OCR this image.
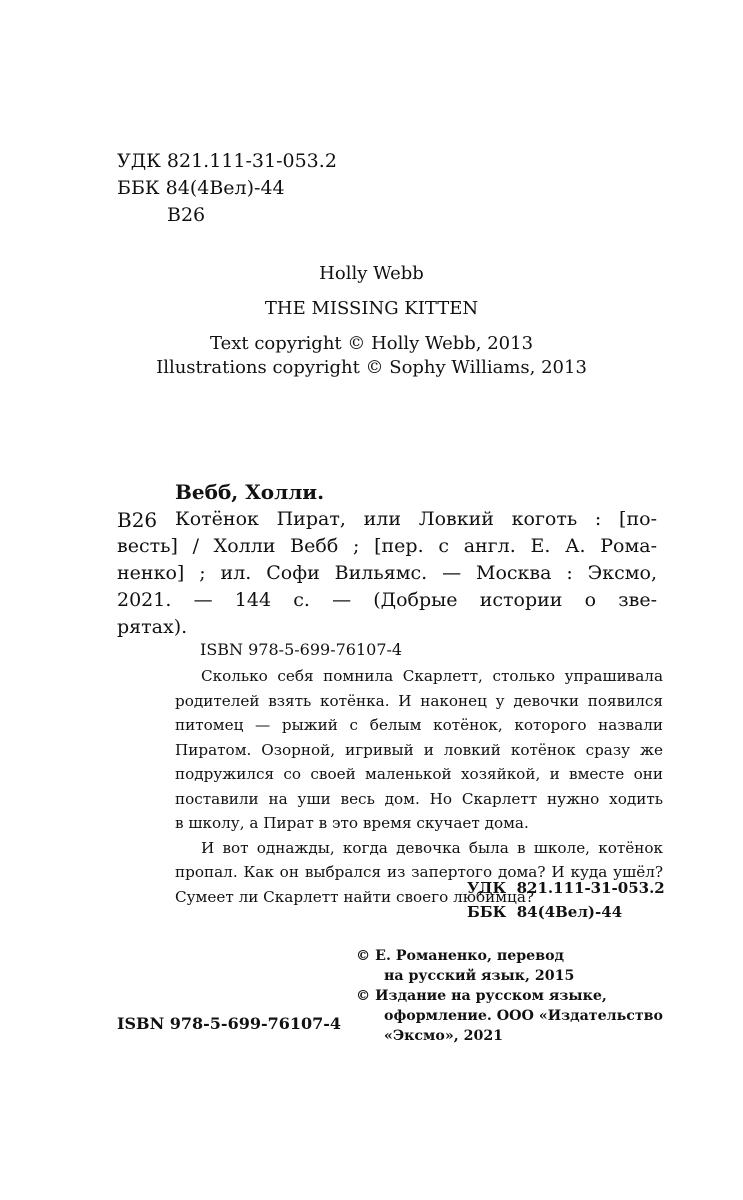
УДК 821.111-31-053.2
ББК 84(4Вел)-44
В26
Holly Webb
THE MISSING KITTEN
Text copyright © Holly Webb, 2013
Illustrations copyright © Sophy Williams, 2013
Вебб, Холли.
В26 Котёнок Пират, или Ловкий коготь : [по-
весть] / Холли Вебб ; [пер. с англ. Е. А. Рома-
ненко] ; ил. Софи Вильямс. — Москва : Эксмо,
2021. — 144 с. — (Добрые истории о зве-
рятах).
ISBN 978-5-699-76107-4
Сколько себя помнила Скарлетт, столько упрашивала
родителей взять котёнка. И наконец у девочки появился
питомец — рыжий с белым котёнок, которого назвали
Пиратом. Озорной, игривый и ловкий котёнок сразу же
подружился со своей маленькой хозяйкой, и вместе они
поставили на уши весь дом. Но Скарлетт нужно ходить
в школу, а Пират в это время скучает дома.
И вот однажды, когда девочка была в школе, котёнок
пропал. Как он выбрался из запертого дома? И куда ушёл?
Сумеет ли Скарлетт найти своего любимца?
УДК  821.111-31-053.2
ББК  84(4Вел)-44
© Е. Романенко, перевод
на русский язык, 2015
© Издание на русском языке,
оформление. ООО «Издательство
«Эксмо», 2021
ISBN 978-5-699-76107-4
